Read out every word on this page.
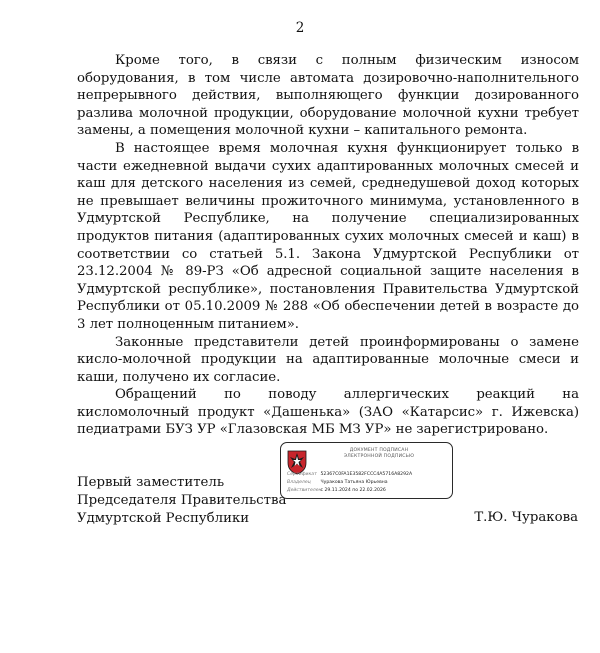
2

Кроме того, в связи с полным физическим износом оборудования, в том числе автомата дозировочно-наполнительного непрерывного действия, выполняющего функции дозированного разлива молочной продукции, оборудование молочной кухни требует замены, а помещения молочной кухни – капитального ремонта.

В настоящее время молочная кухня функционирует только в части ежедневной выдачи сухих адаптированных молочных смесей и каш для детского населения из семей, среднедушевой доход которых не превышает величины прожиточного минимума, установленного в Удмуртской Республике, на получение специализированных продуктов питания (адаптированных сухих молочных смесей и каш) в соответствии со статьей 5.1. Закона Удмуртской Республики от 23.12.2004 № 89-РЗ «Об адресной социальной защите населения в Удмуртской республике», постановления Правительства Удмуртской Республики от 05.10.2009 № 288 «Об обеспечении детей в возрасте до 3 лет полноценным питанием».

Законные представители детей проинформированы о замене кисло-молочной продукции на адаптированные молочные смеси и каши, получено их согласие.

Обращений по поводу аллергических реакций на кисломолочный продукт «Дашенька» (ЗАО «Катарсис» г. Ижевска) педиатрами БУЗ УР «Глазовская МБ МЗ УР» не зарегистрировано.

ДОКУМЕНТ ПОДПИСАН
ЭЛЕКТРОННОЙ ПОДПИСЬЮ
Сертификат 52367C0FA1E3582FCCC4A5716A8292A
Владелец Чуракова Татьяна Юрьевна
Действителен с 29.11.2024 по 22.02.2026
Первый заместитель
Председателя Правительства
Удмуртской Республики	Т.Ю. Чуракова
